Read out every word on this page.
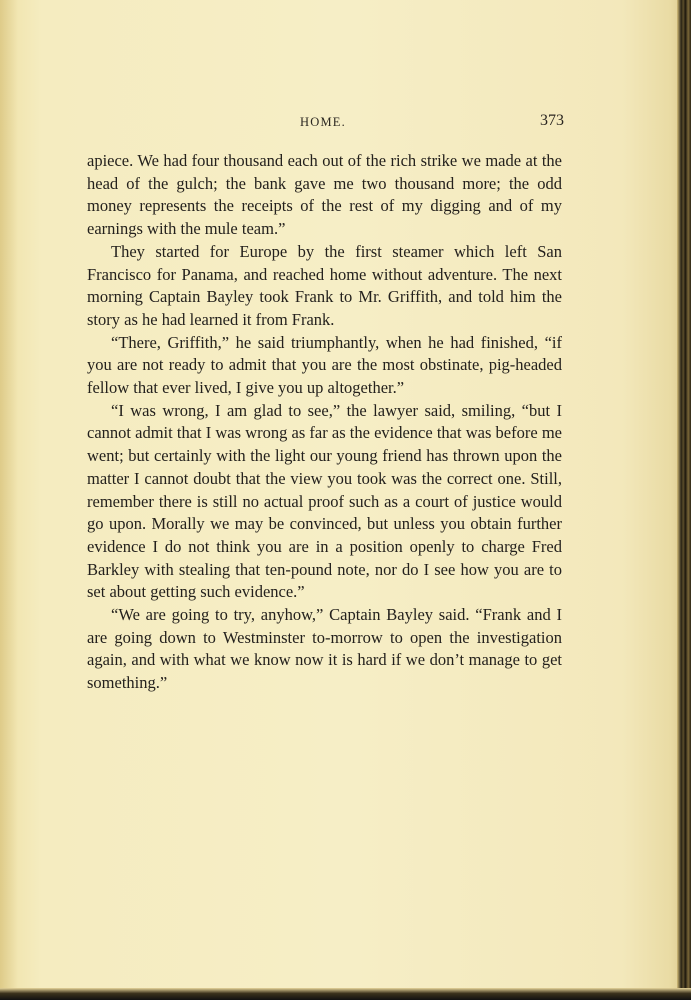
HOME.	373

apiece. We had four thousand each out of the rich strike we made at the head of the gulch; the bank gave me two thousand more; the odd money represents the receipts of the rest of my digging and of my earnings with the mule team.”

They started for Europe by the first steamer which left San Francisco for Panama, and reached home without adventure. The next morning Captain Bayley took Frank to Mr. Griffith, and told him the story as he had learned it from Frank.

“There, Griffith,” he said triumphantly, when he had finished, “if you are not ready to admit that you are the most obstinate, pig-headed fellow that ever lived, I give you up altogether.”

“I was wrong, I am glad to see,” the lawyer said, smiling, “but I cannot admit that I was wrong as far as the evidence that was before me went; but certainly with the light our young friend has thrown upon the matter I cannot doubt that the view you took was the correct one. Still, remember there is still no actual proof such as a court of justice would go upon. Morally we may be convinced, but unless you obtain further evidence I do not think you are in a position openly to charge Fred Barkley with stealing that ten-pound note, nor do I see how you are to set about getting such evidence.”

“We are going to try, anyhow,” Captain Bayley said. “Frank and I are going down to Westminster to-morrow to open the investigation again, and with what we know now it is hard if we don’t manage to get something.”
